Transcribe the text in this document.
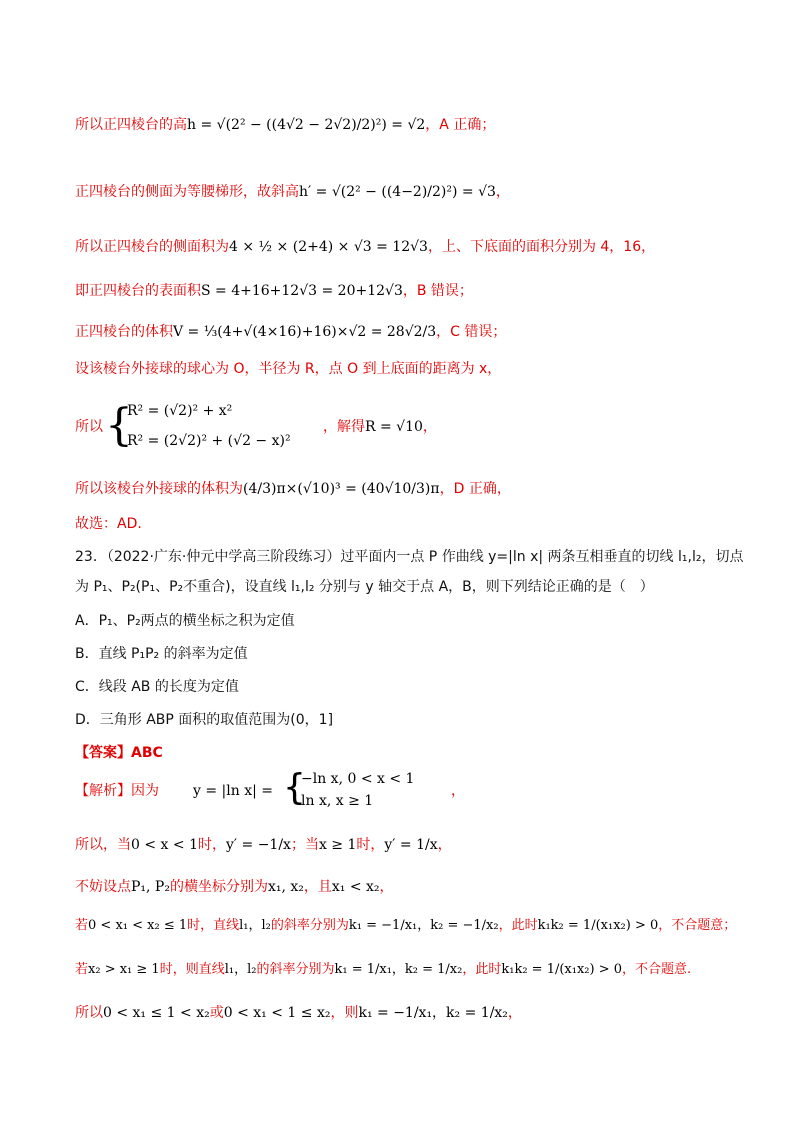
所以正四棱台的高h = √(2² − ((4√2 − 2√2)/2)²) = √2，A 正确；
正四棱台的侧面为等腰梯形，故斜高h′ = √(2² − ((4−2)/2)²) = √3，
所以正四棱台的侧面积为4 × ½ × (2+4) × √3 = 12√3，上、下底面的面积分别为 4，16，
即正四棱台的表面积S = 4+16+12√3 = 20+12√3，B 错误；
正四棱台的体积V = ⅓(4+√(4×16)+16)×√2 = 28√2/3，C 错误；
设该棱台外接球的球心为 O，半径为 R，点 O 到上底面的距离为 x，
所以 {
R² = (√2)² + x²
R² = (2√2)² + (√2 − x)²
，解得R = √10，
所以该棱台外接球的体积为(4/3)π×(√10)³ = (40√10/3)π，D 正确，
故选：AD.
23．（2022·广东·仲元中学高三阶段练习）过平面内一点 P 作曲线 y=|ln x| 两条互相垂直的切线 l₁,l₂，切点
为 P₁、P₂(P₁、P₂不重合)，设直线 l₁,l₂ 分别与 y 轴交于点 A，B，则下列结论正确的是（　）
A．P₁、P₂两点的横坐标之积为定值
B．直线 P₁P₂ 的斜率为定值
C．线段 AB 的长度为定值
D．三角形 ABP 面积的取值范围为(0，1]
【答案】ABC
【解析】因为 y = |ln x| = {
−ln x, 0 < x < 1
ln x, x ≥ 1
，
所以，当0 < x < 1时，y′ = −1/x；当x ≥ 1时，y′ = 1/x，
不妨设点P₁, P₂的横坐标分别为x₁, x₂，且x₁ < x₂，
若0 < x₁ < x₂ ≤ 1时，直线l₁，l₂的斜率分别为k₁ = −1/x₁，k₂ = −1/x₂，此时k₁k₂ = 1/(x₁x₂) > 0，不合题意；
若x₂ > x₁ ≥ 1时，则直线l₁，l₂的斜率分别为k₁ = 1/x₁，k₂ = 1/x₂，此时k₁k₂ = 1/(x₁x₂) > 0，不合题意.
所以0 < x₁ ≤ 1 < x₂或0 < x₁ < 1 ≤ x₂，则k₁ = −1/x₁，k₂ = 1/x₂，
